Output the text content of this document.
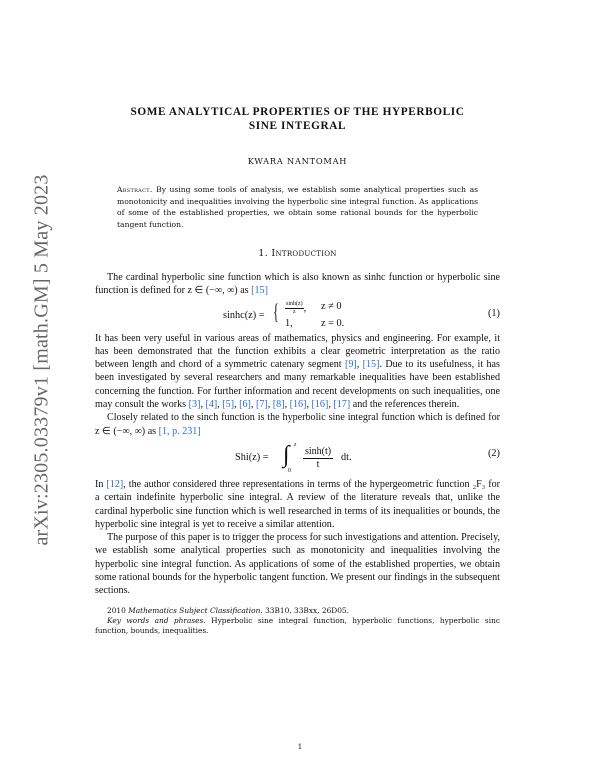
arXiv:2305.03379v1 [math.GM] 5 May 2023

SOME ANALYTICAL PROPERTIES OF THE HYPERBOLIC
SINE INTEGRAL

KWARA NANTOMAH
Abstract. By using some tools of analysis, we establish some analytical properties such as monotonicity and inequalities involving the hyperbolic sine integral function. As applications of some of the established properties, we obtain some rational bounds for the hyperbolic tangent function.
1. Introduction

The cardinal hyperbolic sine function which is also known as sinhc function or hyperbolic sine function is defined for z ∈ (−∞, ∞) as [15]

sinhc(z) = { $\frac{\sinh(z)}{z}$ , z ≠ 0
1,	z = 0.
(1)

It has been very useful in various areas of mathematics, physics and engineering. For example, it has been demonstrated that the function exhibits a clear geometric interpretation as the ratio between length and chord of a symmetric catenary segment [9], [15]. Due to its usefulness, it has been investigated by several researchers and many remarkable inequalities have been established concerning the function. For further information and recent developments on such inequalities, one may consult the works [3], [4], [5], [6], [7], [8], [16], [16], [17] and the references therein.

Closely related to the sinch function is the hyperbolic sine integral function which is defined for z ∈ (−∞, ∞) as [1, p. 231]

Shi(z) = ∫ z
$0 \frac{\sinh(t)}{t}$ dt.	(2)

In [12], the author considered three representations in terms of the hypergeometric function ₂F₃ for a certain indefinite hyperbolic sine integral. A review of the literature reveals that, unlike the cardinal hyperbolic sine function which is well researched in terms of its inequalities or bounds, the hyperbolic sine integral is yet to receive a similar attention.

The purpose of this paper is to trigger the process for such investigations and attention. Precisely, we establish some analytical properties such as monotonicity and inequalities involving the hyperbolic sine integral function. As applications of some of the established properties, we obtain some rational bounds for the hyperbolic tangent function. We present our findings in the subsequent sections.

2010 Mathematics Subject Classification. 33B10, 33Bxx, 26D05.
Key words and phrases. Hyperbolic sine integral function, hyperbolic functions, hyperbolic sinc function, bounds, inequalities.
1
